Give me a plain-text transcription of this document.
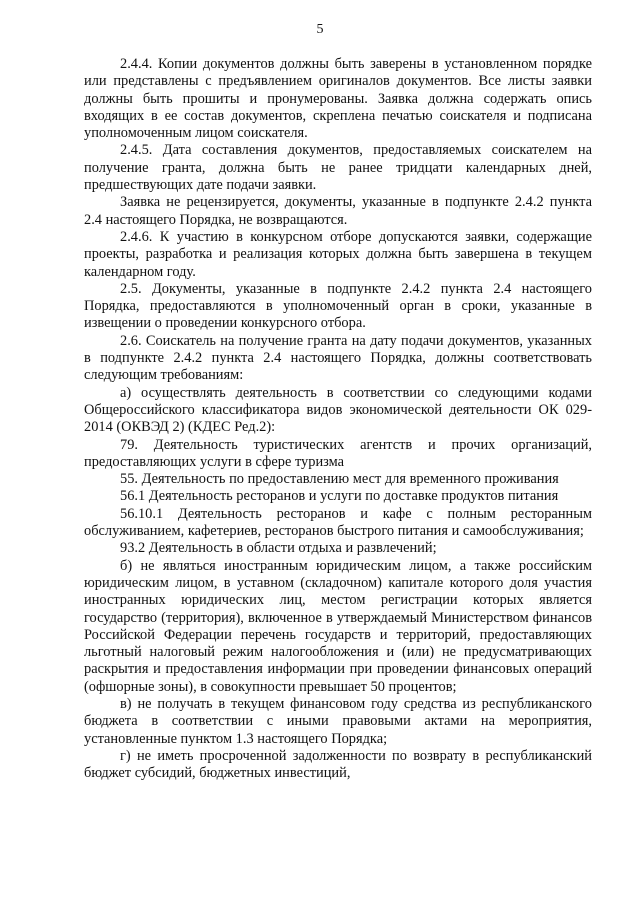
5

2.4.4. Копии документов должны быть заверены в установленном порядке или представлены с предъявлением оригиналов документов. Все листы заявки должны быть прошиты и пронумерованы. Заявка должна содержать опись входящих в ее состав документов, скреплена печатью соискателя и подписана уполномоченным лицом соискателя.

2.4.5. Дата составления документов, предоставляемых соискателем на получение гранта, должна быть не ранее тридцати календарных дней, предшествующих дате подачи заявки.

Заявка не рецензируется, документы, указанные в подпункте 2.4.2 пункта 2.4 настоящего Порядка, не возвращаются.

2.4.6. К участию в конкурсном отборе допускаются заявки, содержащие проекты, разработка и реализация которых должна быть завершена в текущем календарном году.

2.5. Документы, указанные в подпункте 2.4.2 пункта 2.4 настоящего Порядка, предоставляются в уполномоченный орган в сроки, указанные в извещении о проведении конкурсного отбора.

2.6. Соискатель на получение гранта на дату подачи документов, указанных в подпункте 2.4.2 пункта 2.4 настоящего Порядка, должны соответствовать следующим требованиям:

а) осуществлять деятельность в соответствии со следующими кодами Общероссийского классификатора видов экономической деятельности ОК 029-2014 (ОКВЭД 2) (КДЕС Ред.2):

79. Деятельность туристических агентств и прочих организаций, предоставляющих услуги в сфере туризма

55. Деятельность по предоставлению мест для временного проживания

56.1 Деятельность ресторанов и услуги по доставке продуктов питания

56.10.1 Деятельность ресторанов и кафе с полным ресторанным обслуживанием, кафетериев, ресторанов быстрого питания и самообслуживания;

93.2 Деятельность в области отдыха и развлечений;

б) не являться иностранным юридическим лицом, а также российским юридическим лицом, в уставном (складочном) капитале которого доля участия иностранных юридических лиц, местом регистрации которых является государство (территория), включенное в утверждаемый Министерством финансов Российской Федерации перечень государств и территорий, предоставляющих льготный налоговый режим налогообложения и (или) не предусматривающих раскрытия и предоставления информации при проведении финансовых операций (офшорные зоны), в совокупности превышает 50 процентов;

в) не получать в текущем финансовом году средства из республиканского бюджета в соответствии с иными правовыми актами на мероприятия, установленные пунктом 1.3 настоящего Порядка;

г) не иметь просроченной задолженности по возврату в республиканский бюджет субсидий, бюджетных инвестиций,
